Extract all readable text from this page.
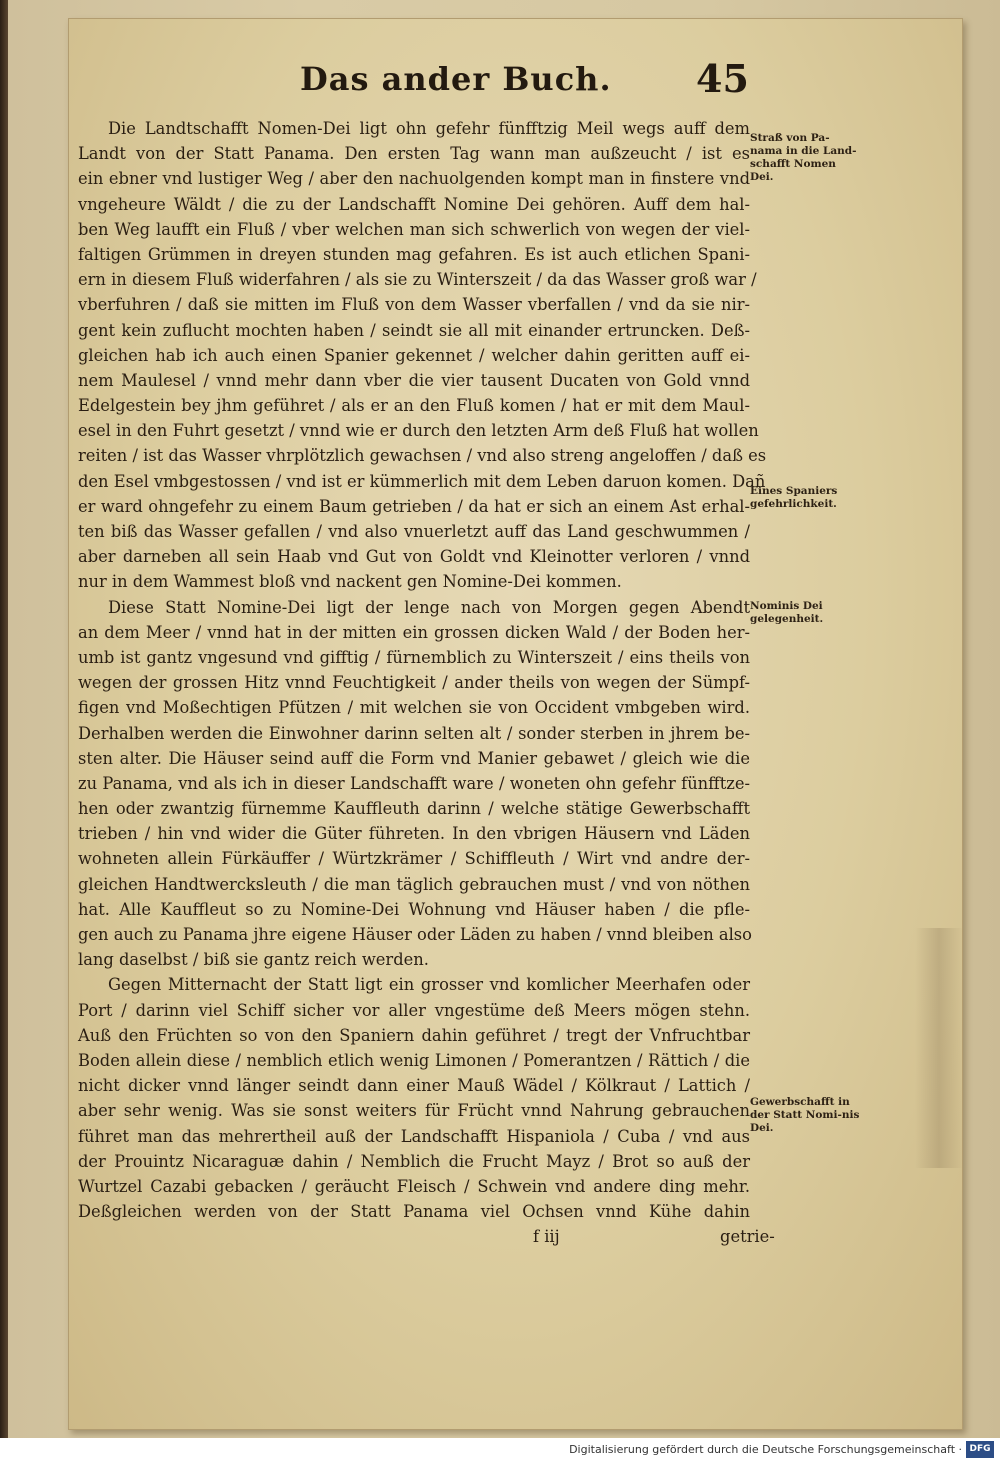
Das ander Buch. 45
Die Landtschafft Nomen-Dei ligt ohn gefehr fünfftzig Meil wegs auff dem
Landt von der Statt Panama. Den ersten Tag wann man außzeucht / ist es
ein ebner vnd lustiger Weg / aber den nachuolgenden kompt man in finstere vnd
vngeheure Wäldt / die zu der Landschafft Nomine Dei gehören. Auff dem hal-
ben Weg laufft ein Fluß / vber welchen man sich schwerlich von wegen der viel-
faltigen Grümmen in dreyen stunden mag gefahren. Es ist auch etlichen Spani-
ern in diesem Fluß widerfahren / als sie zu Winterszeit / da das Wasser groß war /
vberfuhren / daß sie mitten im Fluß von dem Wasser vberfallen / vnd da sie nir-
gent kein zuflucht mochten haben / seindt sie all mit einander ertruncken. Deß-
gleichen hab ich auch einen Spanier gekennet / welcher dahin geritten auff ei-
nem Maulesel / vnnd mehr dann vber die vier tausent Ducaten von Gold vnnd
Edelgestein bey jhm geführet / als er an den Fluß komen / hat er mit dem Maul-
esel in den Fuhrt gesetzt / vnnd wie er durch den letzten Arm deß Fluß hat wollen
reiten / ist das Wasser vhrplötzlich gewachsen / vnd also streng angeloffen / daß es
den Esel vmbgestossen / vnd ist er kümmerlich mit dem Leben daruon komen. Dañ
er ward ohngefehr zu einem Baum getrieben / da hat er sich an einem Ast erhal-
ten biß das Wasser gefallen / vnd also vnuerletzt auff das Land geschwummen /
aber darneben all sein Haab vnd Gut von Goldt vnd Kleinotter verloren / vnnd
nur in dem Wammest bloß vnd nackent gen Nomine-Dei kommen.
Diese Statt Nomine-Dei ligt der lenge nach von Morgen gegen Abendt
an dem Meer / vnnd hat in der mitten ein grossen dicken Wald / der Boden her-
umb ist gantz vngesund vnd gifftig / fürnemblich zu Winterszeit / eins theils von
wegen der grossen Hitz vnnd Feuchtigkeit / ander theils von wegen der Sümpf-
figen vnd Moßechtigen Pfützen / mit welchen sie von Occident vmbgeben wird.
Derhalben werden die Einwohner darinn selten alt / sonder sterben in jhrem be-
sten alter. Die Häuser seind auff die Form vnd Manier gebawet / gleich wie die
zu Panama, vnd als ich in dieser Landschafft ware / woneten ohn gefehr fünfftze-
hen oder zwantzig fürnemme Kauffleuth darinn / welche stätige Gewerbschafft
trieben / hin vnd wider die Güter führeten. In den vbrigen Häusern vnd Läden
wohneten allein Fürkäuffer / Würtzkrämer / Schiffleuth / Wirt vnd andre der-
gleichen Handtwercksleuth / die man täglich gebrauchen must / vnd von nöthen
hat. Alle Kauffleut so zu Nomine-Dei Wohnung vnd Häuser haben / die pfle-
gen auch zu Panama jhre eigene Häuser oder Läden zu haben / vnnd bleiben also
lang daselbst / biß sie gantz reich werden.
Gegen Mitternacht der Statt ligt ein grosser vnd komlicher Meerhafen oder
Port / darinn viel Schiff sicher vor aller vngestüme deß Meers mögen stehn.
Auß den Früchten so von den Spaniern dahin geführet / tregt der Vnfruchtbar
Boden allein diese / nemblich etlich wenig Limonen / Pomerantzen / Rättich / die
nicht dicker vnnd länger seindt dann einer Mauß Wädel / Kölkraut / Lattich /
aber sehr wenig. Was sie sonst weiters für Frücht vnnd Nahrung gebrauchen
führet man das mehrertheil auß der Landschafft Hispaniola / Cuba / vnd aus
der Prouintz Nicaraguæ dahin / Nemblich die Frucht Mayz / Brot so auß der
Wurtzel Cazabi gebacken / geräucht Fleisch / Schwein vnd andere ding mehr.
Deßgleichen werden von der Statt Panama viel Ochsen vnnd Kühe dahin
f iij	getrie-
Straß von Pa-nama in die Land-schafft Nomen Dei.
Eines Spaniers gefehrlichkeit.
Nominis Dei gelegenheit.
Gewerbschafft in der Statt Nomi-nis Dei.
Digitalisierung gefördert durch die Deutsche Forschungsgemeinschaft · DFG
